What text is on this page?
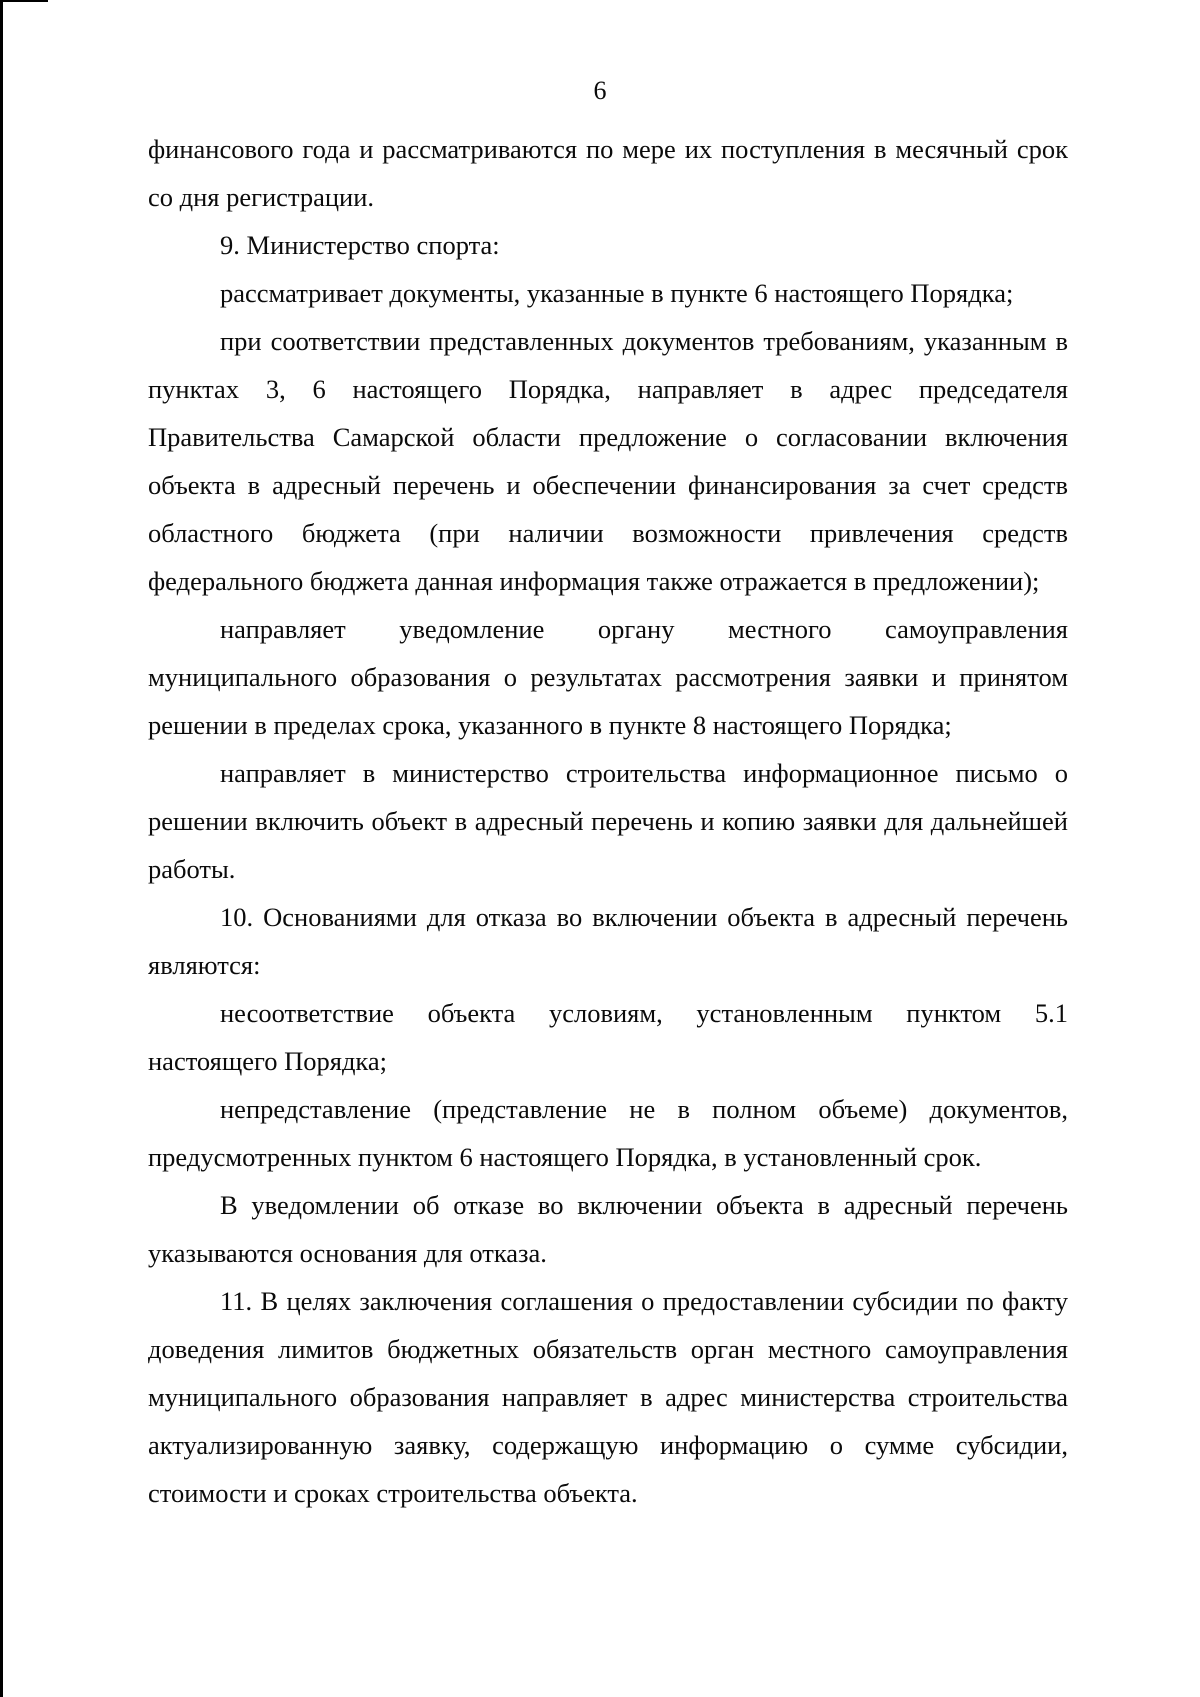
6

финансового года и рассматриваются по мере их поступления в месячный срок со дня регистрации.

9. Министерство спорта:

рассматривает документы, указанные в пункте 6 настоящего Порядка;

при соответствии представленных документов требованиям, указанным в пунктах 3, 6 настоящего Порядка, направляет в адрес председателя Правительства Самарской области предложение о согласовании включения объекта в адресный перечень и обеспечении финансирования за счет средств областного бюджета (при наличии возможности привлечения средств федерального бюджета данная информация также отражается в предложении);

направляет уведомление органу местного самоуправления муниципального образования о результатах рассмотрения заявки и принятом решении в пределах срока, указанного в пункте 8 настоящего Порядка;

направляет в министерство строительства информационное письмо о решении включить объект в адресный перечень и копию заявки для дальнейшей работы.

10. Основаниями для отказа во включении объекта в адресный перечень являются:

несоответствие объекта условиям, установленным пунктом 5.1 настоящего Порядка;

непредставление (представление не в полном объеме) документов, предусмотренных пунктом 6 настоящего Порядка, в установленный срок.

В уведомлении об отказе во включении объекта в адресный перечень указываются основания для отказа.

11. В целях заключения соглашения о предоставлении субсидии по факту доведения лимитов бюджетных обязательств орган местного самоуправления муниципального образования направляет в адрес министерства строительства актуализированную заявку, содержащую информацию о сумме субсидии, стоимости и сроках строительства объекта.
